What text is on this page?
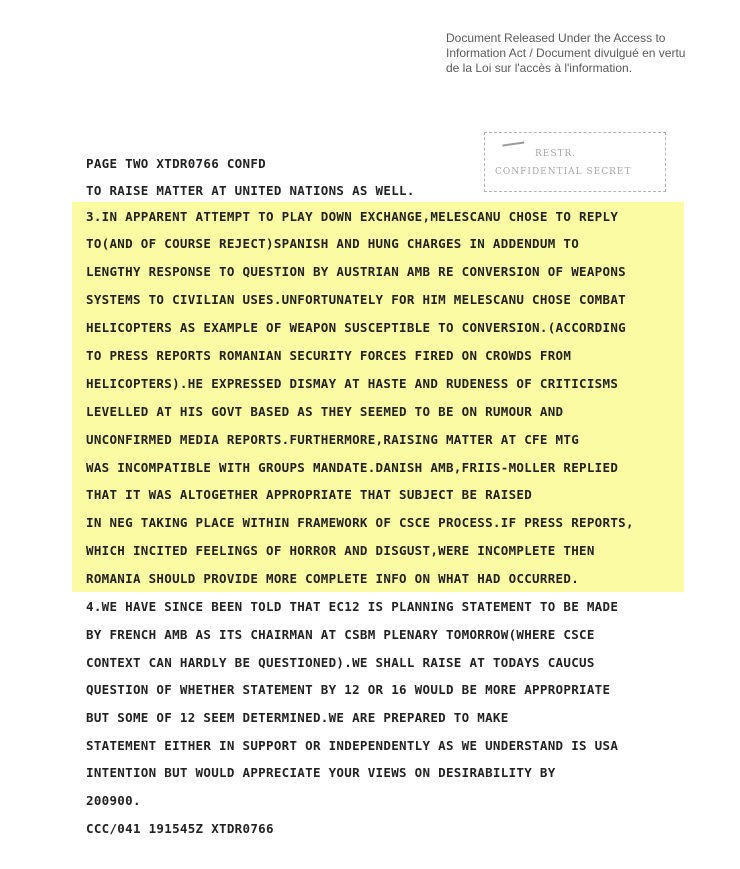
Document Released Under the Access to
Information Act / Document divulgué en vertu
de la Loi sur l'accès à l'information.
RESTR.
CONFIDENTIAL SECRET
PAGE TWO XTDR0766 CONFD
TO RAISE MATTER AT UNITED NATIONS AS WELL.
3.IN APPARENT ATTEMPT TO PLAY DOWN EXCHANGE,MELESCANU CHOSE TO REPLY
TO(AND OF COURSE REJECT)SPANISH AND HUNG CHARGES IN ADDENDUM TO
LENGTHY RESPONSE TO QUESTION BY AUSTRIAN AMB RE CONVERSION OF WEAPONS
SYSTEMS TO CIVILIAN USES.UNFORTUNATELY FOR HIM MELESCANU CHOSE COMBAT
HELICOPTERS AS EXAMPLE OF WEAPON SUSCEPTIBLE TO CONVERSION.(ACCORDING
TO PRESS REPORTS ROMANIAN SECURITY FORCES FIRED ON CROWDS FROM
HELICOPTERS).HE EXPRESSED DISMAY AT HASTE AND RUDENESS OF CRITICISMS
LEVELLED AT HIS GOVT BASED AS THEY SEEMED TO BE ON RUMOUR AND
UNCONFIRMED MEDIA REPORTS.FURTHERMORE,RAISING MATTER AT CFE MTG
WAS INCOMPATIBLE WITH GROUPS MANDATE.DANISH AMB,FRIIS-MOLLER REPLIED
THAT IT WAS ALTOGETHER APPROPRIATE THAT SUBJECT BE RAISED
IN NEG TAKING PLACE WITHIN FRAMEWORK OF CSCE PROCESS.IF PRESS REPORTS,
WHICH INCITED FEELINGS OF HORROR AND DISGUST,WERE INCOMPLETE THEN
ROMANIA SHOULD PROVIDE MORE COMPLETE INFO ON WHAT HAD OCCURRED.
4.WE HAVE SINCE BEEN TOLD THAT EC12 IS PLANNING STATEMENT TO BE MADE
BY FRENCH AMB AS ITS CHAIRMAN AT CSBM PLENARY TOMORROW(WHERE CSCE
CONTEXT CAN HARDLY BE QUESTIONED).WE SHALL RAISE AT TODAYS CAUCUS
QUESTION OF WHETHER STATEMENT BY 12 OR 16 WOULD BE MORE APPROPRIATE
BUT SOME OF 12 SEEM DETERMINED.WE ARE PREPARED TO MAKE
STATEMENT EITHER IN SUPPORT OR INDEPENDENTLY AS WE UNDERSTAND IS USA
INTENTION BUT WOULD APPRECIATE YOUR VIEWS ON DESIRABILITY BY
200900.
CCC/041 191545Z XTDR0766
